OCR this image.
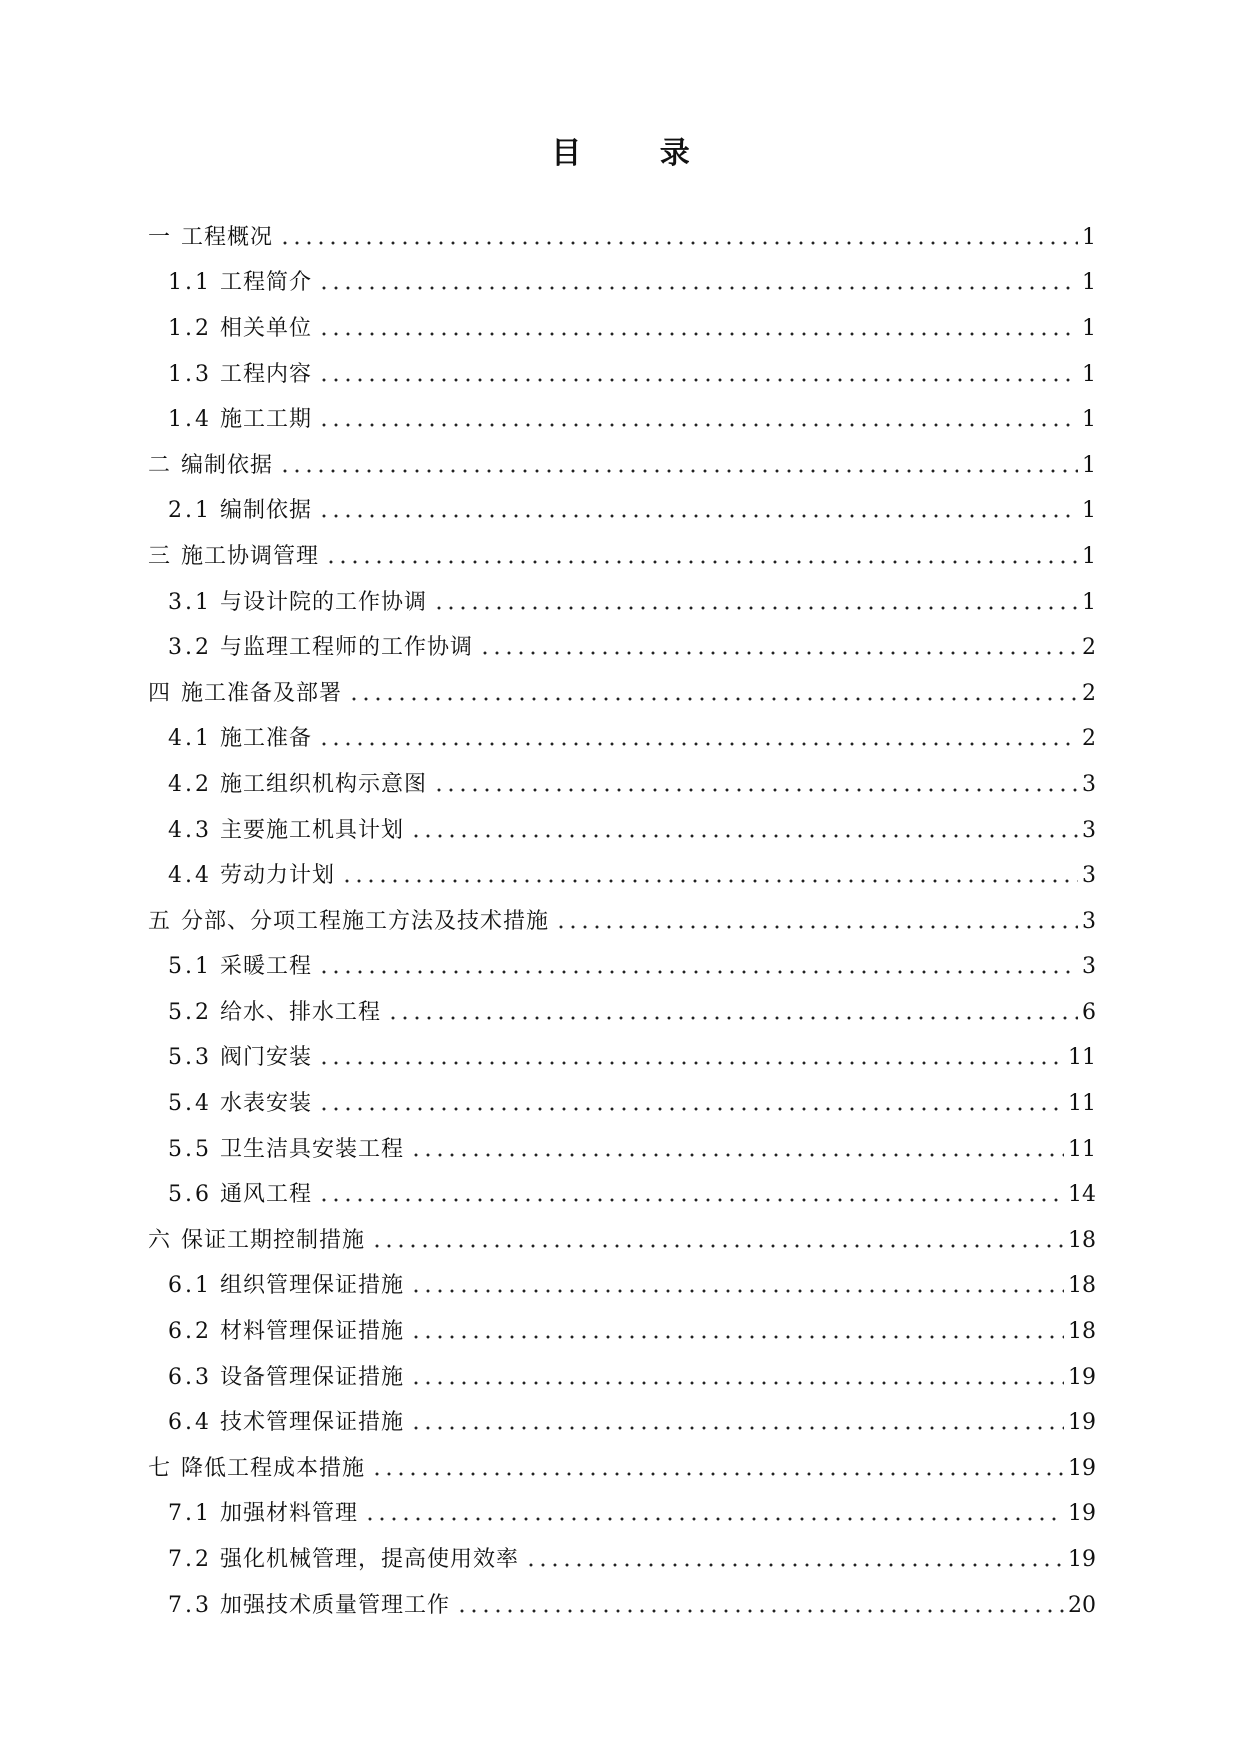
目 录
一 工程概况	1
1.1 工程简介	1
1.2 相关单位	1
1.3 工程内容	1
1.4 施工工期	1
二 编制依据	1
2.1 编制依据	1
三 施工协调管理	1
3.1 与设计院的工作协调	1
3.2 与监理工程师的工作协调	2
四 施工准备及部署	2
4.1 施工准备	2
4.2 施工组织机构示意图	3
4.3 主要施工机具计划	3
4.4 劳动力计划	3
五 分部、分项工程施工方法及技术措施	3
5.1 采暖工程	3
5.2 给水、排水工程	6
5.3 阀门安装	11
5.4 水表安装	11
5.5 卫生洁具安装工程	11
5.6 通风工程	14
六 保证工期控制措施	18
6.1 组织管理保证措施	18
6.2 材料管理保证措施	18
6.3 设备管理保证措施	19
6.4 技术管理保证措施	19
七 降低工程成本措施	19
7.1 加强材料管理	19
7.2 强化机械管理，提高使用效率	19
7.3 加强技术质量管理工作	20
